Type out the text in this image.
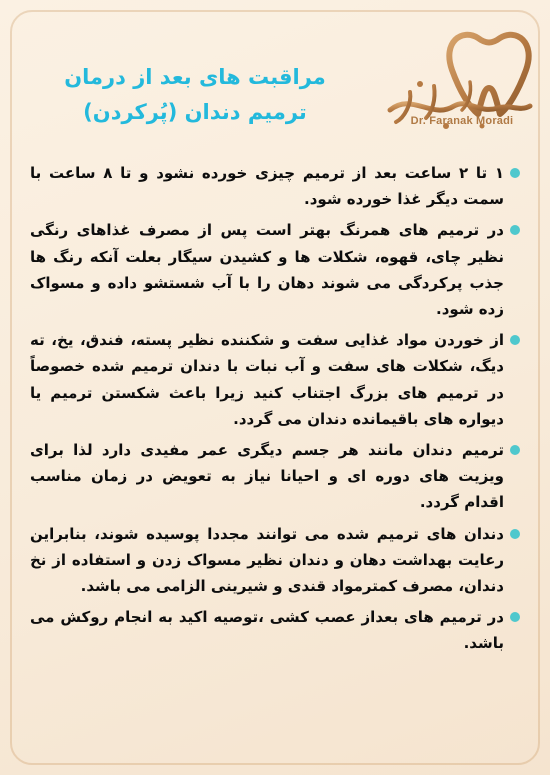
Dr. Faranak Moradi
مراقبت های بعد از درمان
ترمیم دندان (پُرکردن)
۱ تا ۲ ساعت بعد از ترمیم چیزی خورده نشود و تا ۸ ساعت با سمت دیگر غذا خورده شود.
در ترمیم های همرنگ بهتر است پس از مصرف غذاهای رنگی نظیر چای، قهوه، شکلات ها و کشیدن سیگار بعلت آنکه رنگ ها جذب پرکردگی می شوند دهان را با آب شستشو داده و مسواک زده شود.
از خوردن مواد غذایی سفت و شکننده نظیر پسته، فندق، یخ، ته دیگ، شکلات های سفت و آب نبات با دندان ترمیم شده خصوصاً در ترمیم های بزرگ اجتناب کنید زیرا باعث شکستن ترمیم یا دیواره های باقیمانده دندان می گردد.
ترمیم دندان مانند هر جسم دیگری عمر مفیدی دارد لذا برای ویزیت های دوره ای و احیانا نیاز به تعویض در زمان مناسب اقدام گردد.
دندان های ترمیم شده می توانند مجددا پوسیده شوند، بنابراین رعایت بهداشت دهان و دندان نظیر مسواک زدن و استفاده از نخ دندان، مصرف کمترمواد قندی و شیرینی الزامی می باشد.
در ترمیم های بعداز عصب کشی ،توصیه اکید به انجام روکش می باشد.
